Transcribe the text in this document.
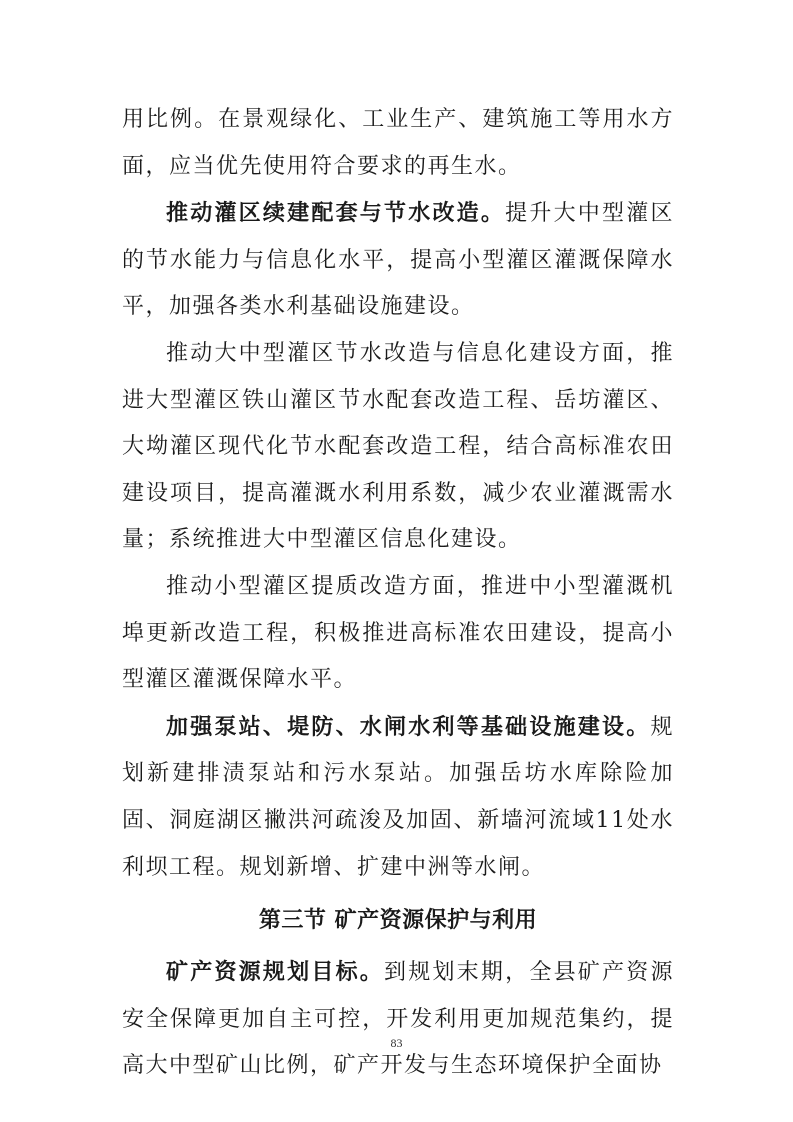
用比例。在景观绿化、工业生产、建筑施工等用水方面，应当优先使用符合要求的再生水。

推动灌区续建配套与节水改造。提升大中型灌区的节水能力与信息化水平，提高小型灌区灌溉保障水平，加强各类水利基础设施建设。

推动大中型灌区节水改造与信息化建设方面，推进大型灌区铁山灌区节水配套改造工程、岳坊灌区、大坳灌区现代化节水配套改造工程，结合高标准农田建设项目，提高灌溉水利用系数，减少农业灌溉需水量；系统推进大中型灌区信息化建设。

推动小型灌区提质改造方面，推进中小型灌溉机埠更新改造工程，积极推进高标准农田建设，提高小型灌区灌溉保障水平。

加强泵站、堤防、水闸水利等基础设施建设。规划新建排渍泵站和污水泵站。加强岳坊水库除险加固、洞庭湖区撇洪河疏浚及加固、新墙河流域11处水利坝工程。规划新增、扩建中洲等水闸。

第三节 矿产资源保护与利用

矿产资源规划目标。到规划末期，全县矿产资源安全保障更加自主可控，开发利用更加规范集约，提高大中型矿山比例，矿产开发与生态环境保护全面协

83
